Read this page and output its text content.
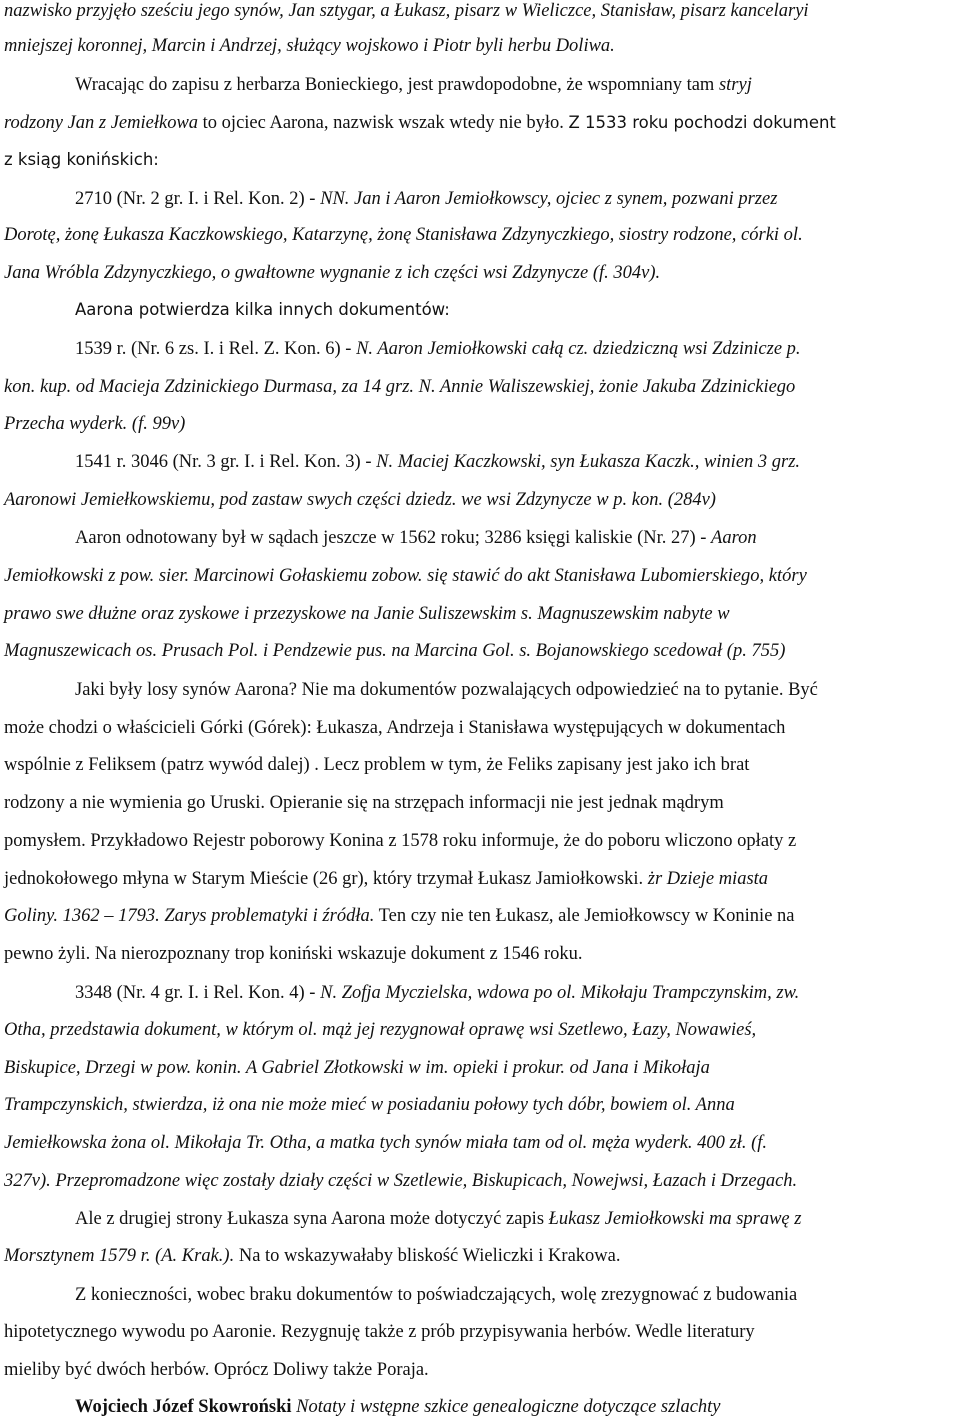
nazwisko przyjęło sześciu jego synów, Jan sztygar, a Łukasz, pisarz w Wieliczce, Stanisław, pisarz kancelaryi
mniejszej koronnej, Marcin i Andrzej, służący wojskowo i Piotr byli herbu Doliwa.
Wracając do zapisu z herbarza Bonieckiego, jest prawdopodobne, że wspomniany tam stryj
rodzony Jan z Jemiełkowa to ojciec Aarona, nazwisk wszak wtedy nie było. Z 1533 roku pochodzi dokument
z ksiąg konińskich:
2710 (Nr. 2 gr. I. i Rel. Kon. 2) - NN. Jan i Aaron Jemiołkowscy, ojciec z synem, pozwani przez
Dorotę, żonę Łukasza Kaczkowskiego, Katarzynę, żonę Stanisława Zdzynyczkiego, siostry rodzone, córki ol.
Jana Wróbla Zdzynyczkiego, o gwałtowne wygnanie z ich części wsi Zdzynycze (f. 304v).
Aarona potwierdza kilka innych dokumentów:
1539 r. (Nr. 6 zs. I. i Rel. Z. Kon. 6) - N. Aaron Jemiołkowski całą cz. dziedziczną wsi Zdzinicze p.
kon. kup. od Macieja Zdzinickiego Durmasa, za 14 grz. N. Annie Waliszewskiej, żonie Jakuba Zdzinickiego
Przecha wyderk. (f. 99v)
1541 r. 3046 (Nr. 3 gr. I. i Rel. Kon. 3) - N. Maciej Kaczkowski, syn Łukasza Kaczk., winien 3 grz.
Aaronowi Jemiełkowskiemu, pod zastaw swych części dziedz. we wsi Zdzynycze w p. kon. (284v)
Aaron odnotowany był w sądach jeszcze w 1562 roku; 3286 księgi kaliskie (Nr. 27) - Aaron
Jemiołkowski z pow. sier. Marcinowi Gołaskiemu zobow. się stawić do akt Stanisława Lubomierskiego, który
prawo swe dłużne oraz zyskowe i przezyskowe na Janie Suliszewskim s. Magnuszewskim nabyte w
Magnuszewicach os. Prusach Pol. i Pendzewie pus. na Marcina Gol. s. Bojanowskiego scedował (p. 755)
Jaki były losy synów Aarona? Nie ma dokumentów pozwalających odpowiedzieć na to pytanie. Być
może chodzi o właścicieli Górki (Górek): Łukasza, Andrzeja i Stanisława występujących w dokumentach
wspólnie z Feliksem (patrz wywód dalej) . Lecz problem w tym, że Feliks zapisany jest jako ich brat
rodzony a nie wymienia go Uruski. Opieranie się na strzępach informacji nie jest jednak mądrym
pomysłem. Przykładowo Rejestr poborowy Konina z 1578 roku informuje, że do poboru wliczono opłaty z
jednokołowego młyna w Starym Mieście (26 gr), który trzymał Łukasz Jamiołkowski. żr Dzieje miasta
Goliny. 1362 – 1793. Zarys problematyki i źródła. Ten czy nie ten Łukasz, ale Jemiołkowscy w Koninie na
pewno żyli. Na nierozpoznany trop koniński wskazuje dokument z 1546 roku.
3348 (Nr. 4 gr. I. i Rel. Kon. 4) - N. Zofja Myczielska, wdowa po ol. Mikołaju Trampczynskim, zw.
Otha, przedstawia dokument, w którym ol. mąż jej rezygnował oprawę wsi Szetlewo, Łazy, Nowawieś,
Biskupice, Drzegi w pow. konin. A Gabriel Złotkowski w im. opieki i prokur. od Jana i Mikołaja
Trampczynskich, stwierdza, iż ona nie może mieć w posiadaniu połowy tych dóbr, bowiem ol. Anna
Jemiełkowska żona ol. Mikołaja Tr. Otha, a matka tych synów miała tam od ol. męża wyderk. 400 zł. (f.
327v). Przepromadzone więc zostały działy części w Szetlewie, Biskupicach, Nowejwsi, Łazach i Drzegach.
Ale z drugiej strony Łukasza syna Aarona może dotyczyć zapis Łukasz Jemiołkowski ma sprawę z
Morsztynem 1579 r. (A. Krak.). Na to wskazywałaby bliskość Wieliczki i Krakowa.
Z konieczności, wobec braku dokumentów to poświadczających, wolę zrezygnować z budowania
hipotetycznego wywodu po Aaronie. Rezygnuję także z prób przypisywania herbów. Wedle literatury
mieliby być dwóch herbów. Oprócz Doliwy także Poraja.
Wojciech Józef Skowroński Notaty i wstępne szkice genealogiczne dotyczące szlachty
